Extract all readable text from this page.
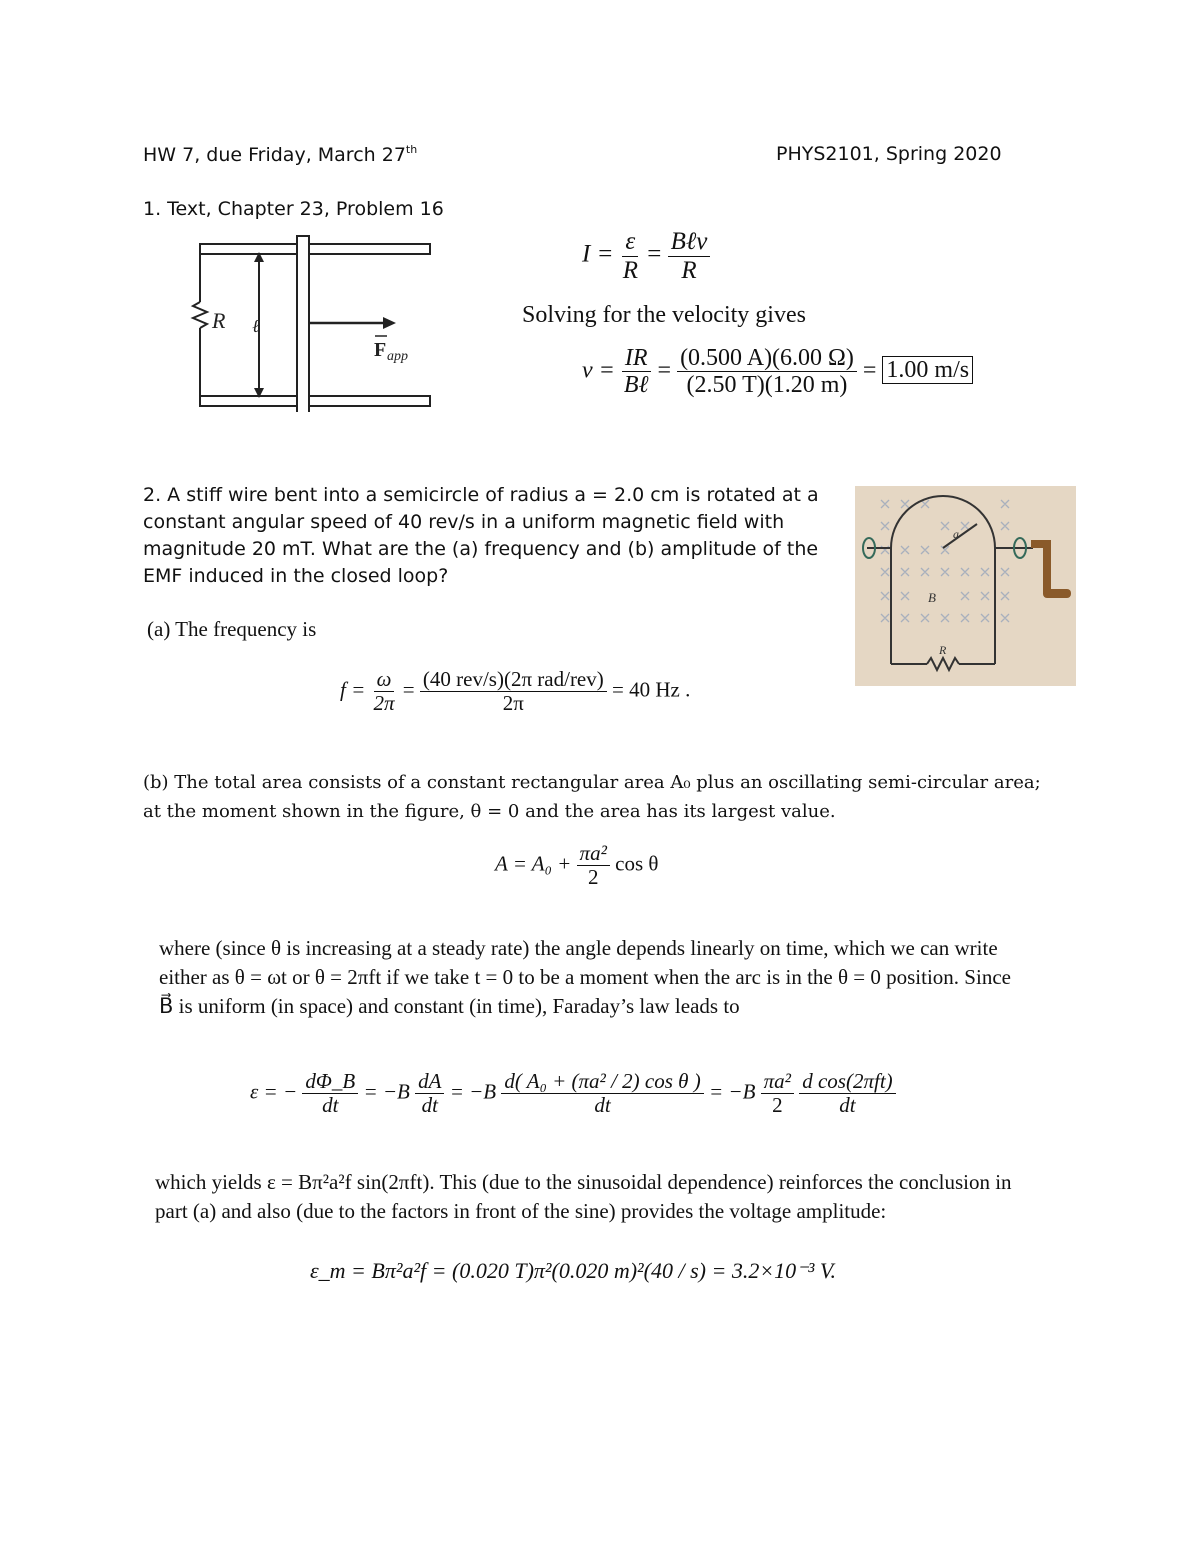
HW 7, due Friday, March 27th	PHYS2101, Spring 2020
1. Text, Chapter 23, Problem 16
R ℓ
F app
$I = \frac{\varepsilon}{R} = \frac{\text{Bℓv}}{R}$
Solving for the velocity gives
$v = \frac{IR}{\text{Bℓ}} = \frac{(0.500 A)(6.00 \Omega)}{(2.50 T)(1.20 m)} = 1.00$ m/s
2. A stiff wire bent into a semicircle of radius a = 2.0 cm is rotated at a constant angular speed of 40 rev/s in a uniform magnetic field with magnitude 20 mT. What are the (a) frequency and (b) amplitude of the EMF induced in the closed loop?
a
B
R
(a) The frequency is
$f = \frac{\omega}{2\pi} = \frac{\text{(40 rev/s)(2π rad/rev)}}{2\pi} = 40$ Hz .
(b) The total area consists of a constant rectangular area A₀ plus an oscillating semi-circular area;
at the moment shown in the figure, θ = 0 and the area has its largest value.
$A = A_0 + \frac{\text{πa²}}{2}$ cos θ
where (since θ is increasing at a steady rate) the angle depends linearly on time, which we can write either as θ = ωt or θ = 2πft if we take t = 0 to be a moment when the arc is in the θ = 0 position. Since B⃗ is uniform (in space) and constant (in time), Faraday’s law leads to
ε = − $\frac{d\Phi\_B}{dt} = -B \frac{dA}{dt} = -B \frac{\text{d( A₀ + (πa² / 2) cos θ )}}{dt} = -B \frac{\text{πa²}}{2}$
$\frac{\text{d cos(2πft)}}{dt}$
which yields ε = Bπ²a²f sin(2πft). This (due to the sinusoidal dependence) reinforces the conclusion in part (a) and also (due to the factors in front of the sine) provides the voltage amplitude:
ε_m = Bπ²a²f = (0.020 T)π²(0.020 m)²(40 / s) = 3.2×10⁻³ V.
